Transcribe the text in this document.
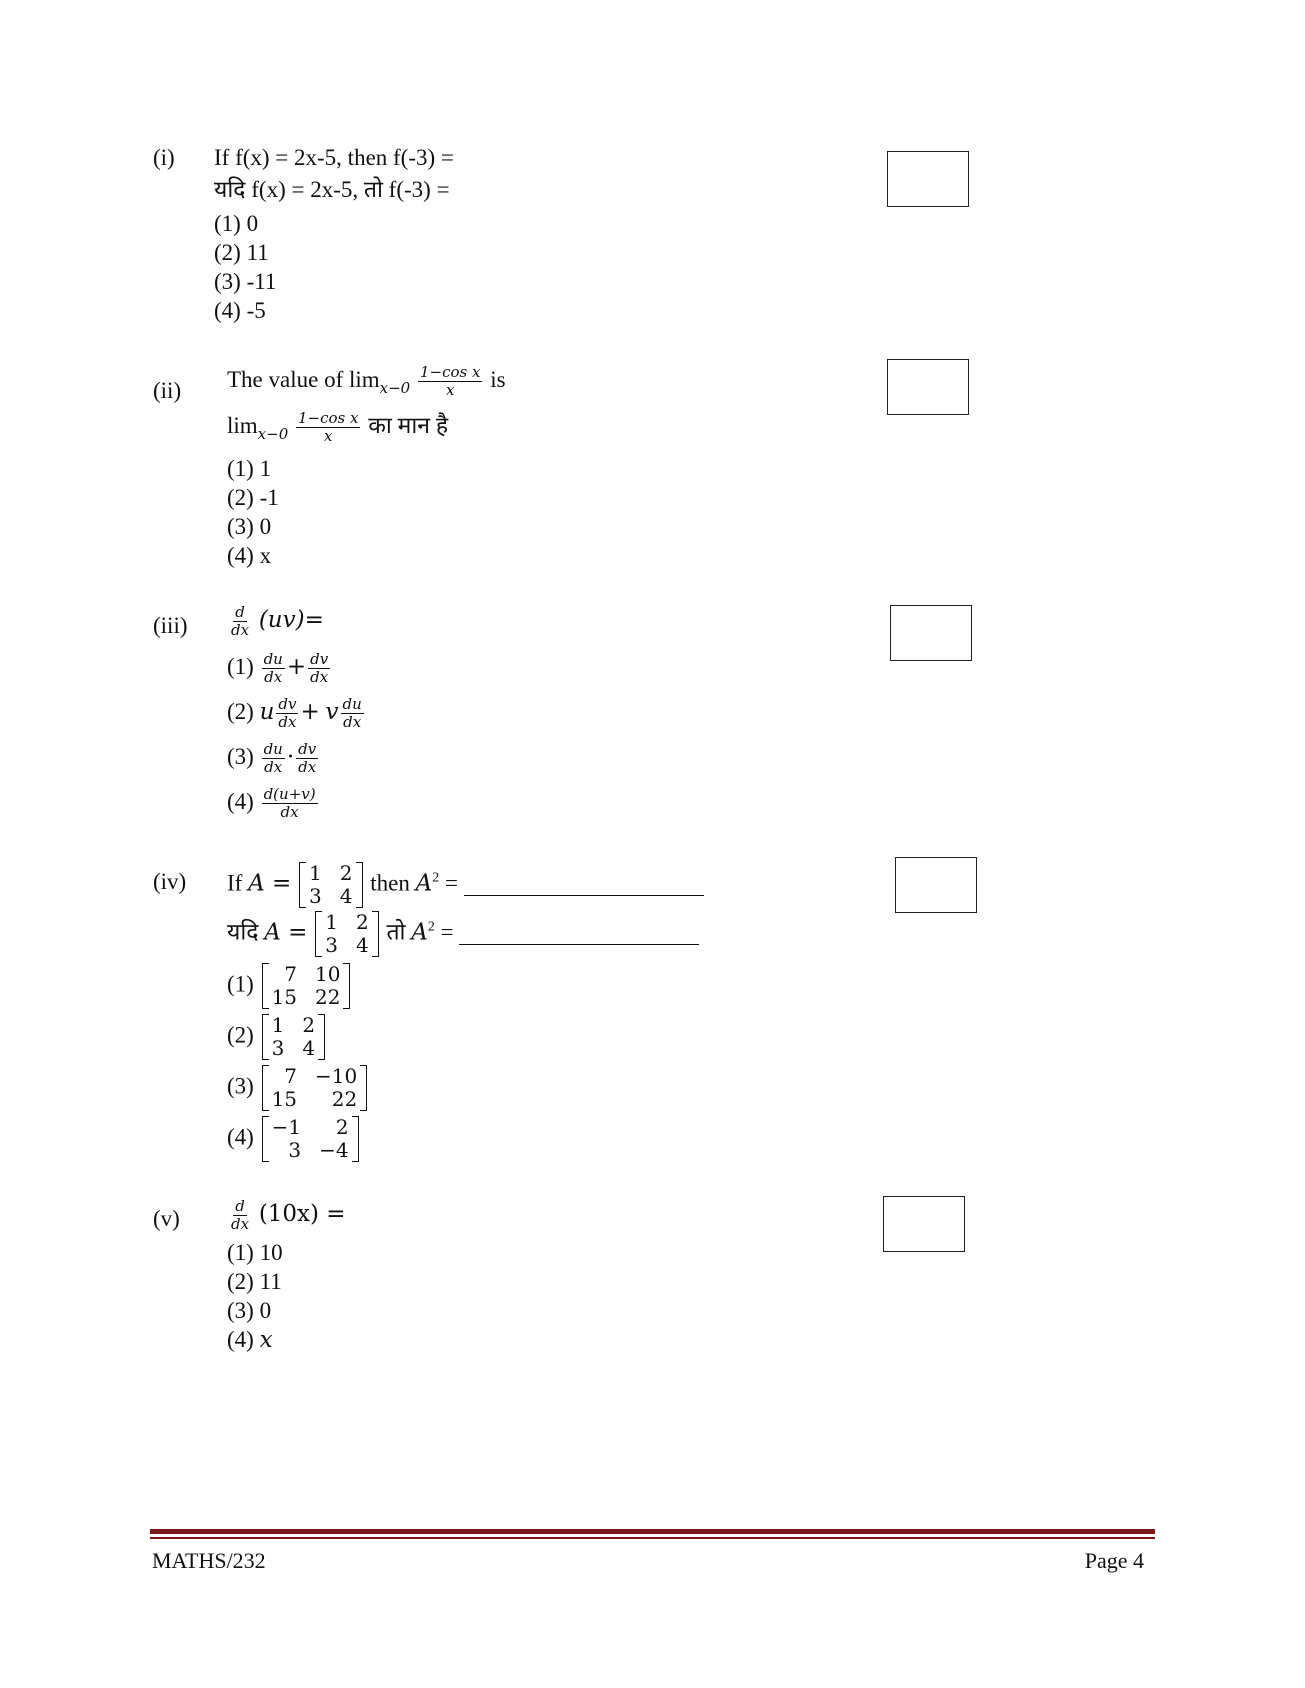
(i) If f(x) = 2x-5, then f(-3) =
यदि f(x) = 2x-5, तो f(-3) =
(1) 0
(2) 11
(3) -11
(4) -5
(ii) The value of $\lim_{x-0} \frac{\text{1−cos x}}{x}$ is
$\lim_{x-0} \frac{\text{1−cos x}}{x}$ का मान है
(1) 1
(2) -1
(3) 0
(4) x
(iii)	$\frac{d}{dx} (uv)=$
$(1) \frac{du}{dx} + \frac{dv}{dx}$
(2) u $\frac{dv}{dx} + v \frac{du}{dx}$
$(3) \frac{du}{dx} \cdot \frac{dv}{dx}$
$(4) \frac{d(u+v)}{dx}$
(iv) If A = 1 2
3 4
then $A^2$ =
यदि A = 1 2
3 4
तो $A^2$ =
(1)	7 10
15 22
(2) 1 2
3 4
(3)	7 −10
15	22
(4) −1	2
3 −4
(v)	$\frac{d}{dx} (10x)$ =
(1) 10
(2) 11
(3) 0
(4) x
MATHS/232	Page 4
